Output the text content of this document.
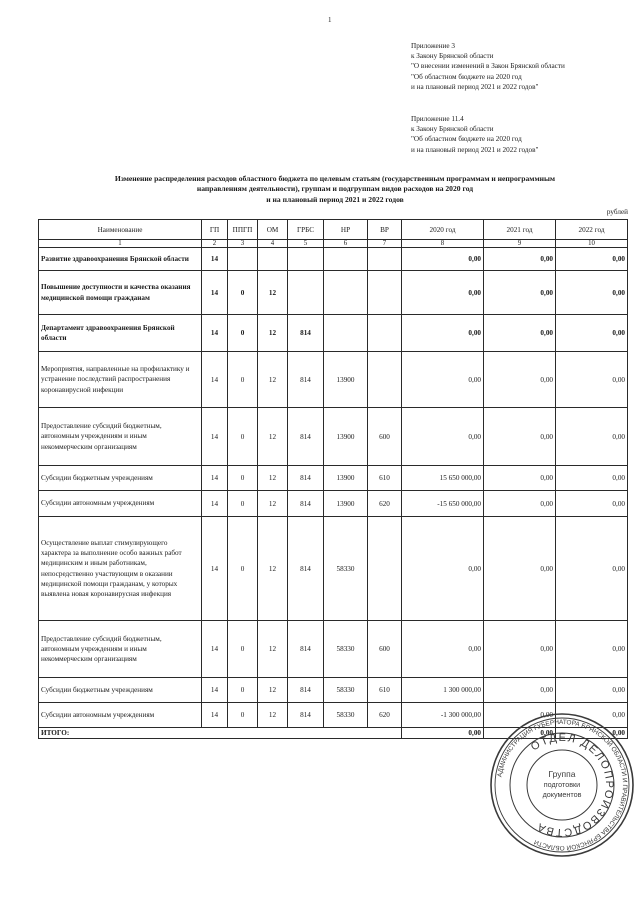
1
Приложение 3
к Закону Брянской области
"О внесении изменений в Закон Брянской области
"Об областном бюджете на 2020 год
и на плановый период 2021 и 2022 годов"
Приложение 11.4
к Закону Брянской области
"Об областном бюджете на 2020 год
и на плановый период 2021 и 2022 годов"
Изменение распределения расходов областного бюджета по целевым статьям (государственным программам и непрограммным
направлениям деятельности), группам и подгруппам видов расходов на 2020 год
и на плановый период 2021 и 2022 годов
рублей
Наименование	ГП	ППГП	ОМ	ГРБС	НР	ВР	2020 год	2021 год	2022 год
1	2	3	4	5	6	7	8	9	10
Развитие здравоохранения Брянской области	14						0,00	0,00	0,00
Повышение доступности и качества оказания медицинской помощи гражданам	14	0	12				0,00	0,00	0,00
Департамент здравоохранения Брянской области	14	0	12	814			0,00	0,00	0,00
Мероприятия, направленные на профилактику и устранение последствий распространения коронавирусной инфекции	14	0	12	814	13900		0,00	0,00	0,00
Предоставление субсидий бюджетным, автономным учреждениям и иным некоммерческим организациям	14	0	12	814	13900	600	0,00	0,00	0,00
Субсидии бюджетным учреждениям	14	0	12	814	13900	610	15 650 000,00	0,00	0,00
Субсидии автономным учреждениям	14	0	12	814	13900	620	-15 650 000,00	0,00	0,00
Осуществление выплат стимулирующего характера за выполнение особо важных работ медицинским и иным работникам, непосредственно участвующим в оказании медицинской помощи гражданам, у которых выявлена новая коронавирусная инфекция	14	0	12	814	58330		0,00	0,00	0,00
Предоставление субсидий бюджетным, автономным учреждениям и иным некоммерческим организациям	14	0	12	814	58330	600	0,00	0,00	0,00
Субсидии бюджетным учреждениям	14	0	12	814	58330	610	1 300 000,00	0,00	0,00
Субсидии автономным учреждениям	14	0	12	814	58330	620	-1 300 000,00	0,00	0,00
ИТОГО:							0,00	0,00	0,00
АДМИНИСТРАЦИЯ ГУБЕРНАТОРА БРЯНСКОЙ ОБЛАСТИ И ПРАВИТЕЛЬСТВА БРЯНСКОЙ ОБЛАСТИ
ОТДЕЛ ДЕЛОПРОИЗВОДСТВА
Группа
подготовки
документов
